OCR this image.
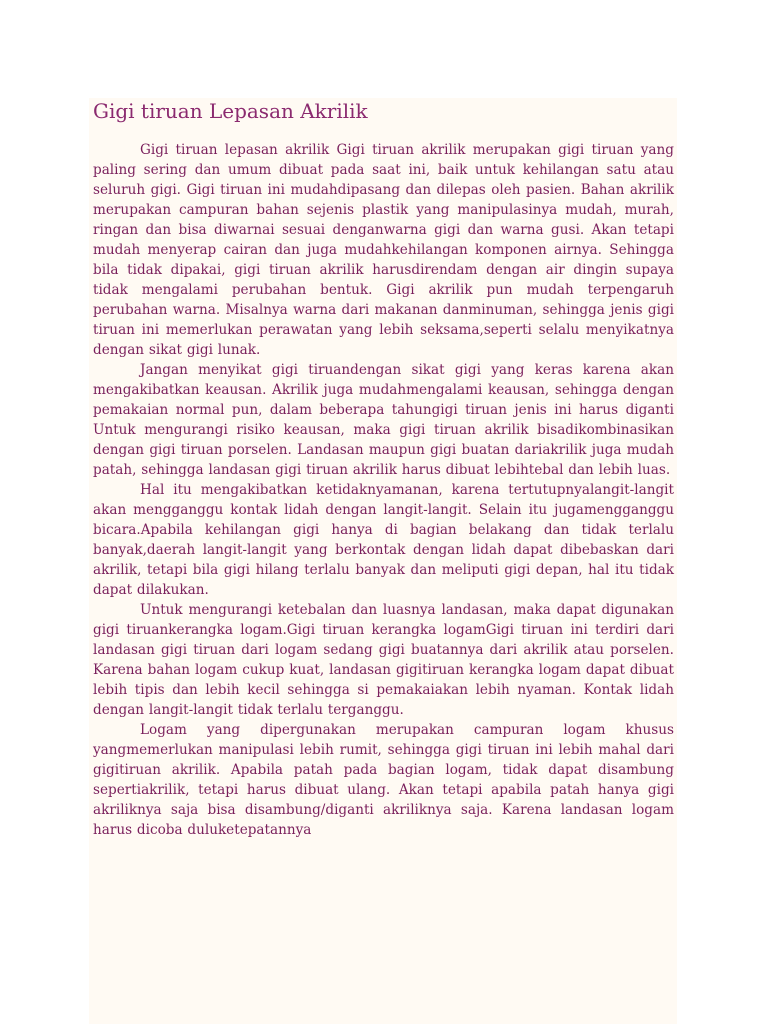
Gigi tiruan Lepasan Akrilik

Gigi tiruan lepasan akrilik Gigi tiruan akrilik merupakan gigi tiruan yang paling sering dan umum dibuat pada saat ini, baik untuk kehilangan satu atau seluruh gigi. Gigi tiruan ini mudahdipasang dan dilepas oleh pasien. Bahan akrilik merupakan campuran bahan sejenis plastik yang manipulasinya mudah, murah, ringan dan bisa diwarnai sesuai denganwarna gigi dan warna gusi. Akan tetapi mudah menyerap cairan dan juga mudahkehilangan komponen airnya. Sehingga bila tidak dipakai, gigi tiruan akrilik harusdirendam dengan air dingin supaya tidak mengalami perubahan bentuk. Gigi akrilik pun mudah terpengaruh perubahan warna. Misalnya warna dari makanan danminuman, sehingga jenis gigi tiruan ini memerlukan perawatan yang lebih seksama,seperti selalu menyikatnya dengan sikat gigi lunak.

Jangan menyikat gigi tiruandengan sikat gigi yang keras karena akan mengakibatkan keausan. Akrilik juga mudahmengalami keausan, sehingga dengan pemakaian normal pun, dalam beberapa tahungigi tiruan jenis ini harus diganti Untuk mengurangi risiko keausan, maka gigi tiruan akrilik bisadikombinasikan dengan gigi tiruan porselen. Landasan maupun gigi buatan dariakrilik juga mudah patah, sehingga landasan gigi tiruan akrilik harus dibuat lebihtebal dan lebih luas.

Hal itu mengakibatkan ketidaknyamanan, karena tertutupnyalangit-langit akan mengganggu kontak lidah dengan langit-langit. Selain itu jugamengganggu bicara.Apabila kehilangan gigi hanya di bagian belakang dan tidak terlalu banyak,daerah langit-langit yang berkontak dengan lidah dapat dibebaskan dari akrilik, tetapi bila gigi hilang terlalu banyak dan meliputi gigi depan, hal itu tidak dapat dilakukan.

Untuk mengurangi ketebalan dan luasnya landasan, maka dapat digunakan gigi tiruankerangka logam.Gigi tiruan kerangka logamGigi tiruan ini terdiri dari landasan gigi tiruan dari logam sedang gigi buatannya dari akrilik atau porselen. Karena bahan logam cukup kuat, landasan gigitiruan kerangka logam dapat dibuat lebih tipis dan lebih kecil sehingga si pemakaiakan lebih nyaman. Kontak lidah dengan langit-langit tidak terlalu terganggu.

Logam yang dipergunakan merupakan campuran logam khusus yangmemerlukan manipulasi lebih rumit, sehingga gigi tiruan ini lebih mahal dari gigitiruan akrilik. Apabila patah pada bagian logam, tidak dapat disambung sepertiakrilik, tetapi harus dibuat ulang. Akan tetapi apabila patah hanya gigi akriliknya saja bisa disambung/diganti akriliknya saja. Karena landasan logam harus dicoba duluketepatannya
